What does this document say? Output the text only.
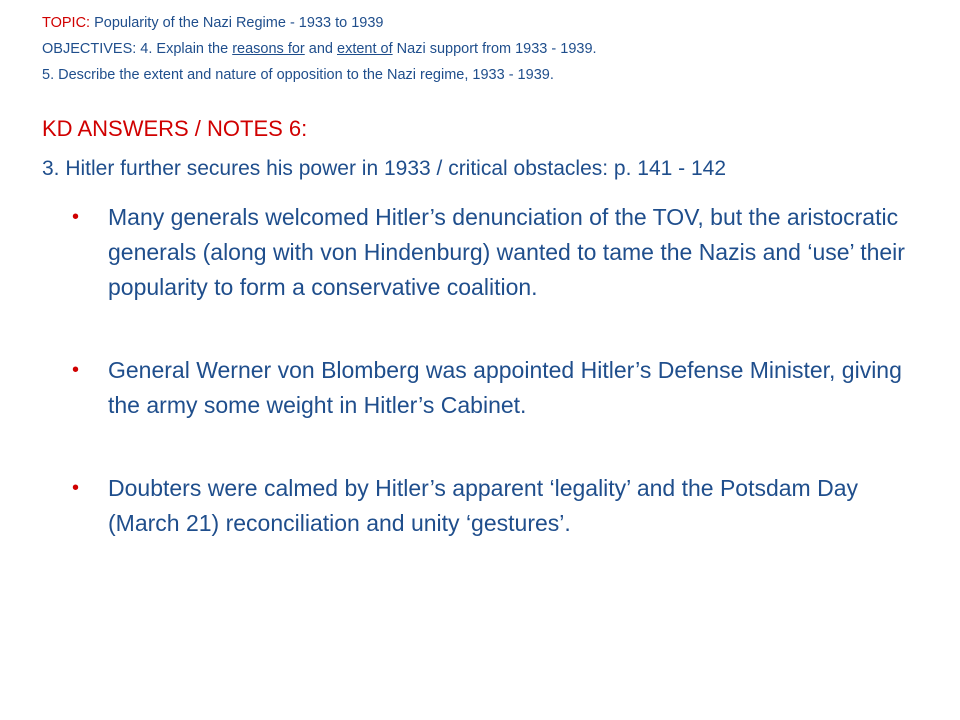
TOPIC: Popularity of the Nazi Regime - 1933 to 1939
OBJECTIVES: 4. Explain the reasons for and extent of Nazi support from 1933 - 1939.
5. Describe the extent and nature of opposition to the Nazi regime, 1933 - 1939.
KD ANSWERS / NOTES 6:
3. Hitler further secures his power in 1933 / critical obstacles: p. 141 - 142
• Many generals welcomed Hitler’s denunciation of the TOV, but the aristocratic generals (along with von Hindenburg) wanted to tame the Nazis and ‘use’ their popularity to form a conservative coalition.
• General Werner von Blomberg was appointed Hitler’s Defense Minister, giving the army some weight in Hitler’s Cabinet.
• Doubters were calmed by Hitler’s apparent ‘legality’ and the Potsdam Day (March 21) reconciliation and unity ‘gestures’.
